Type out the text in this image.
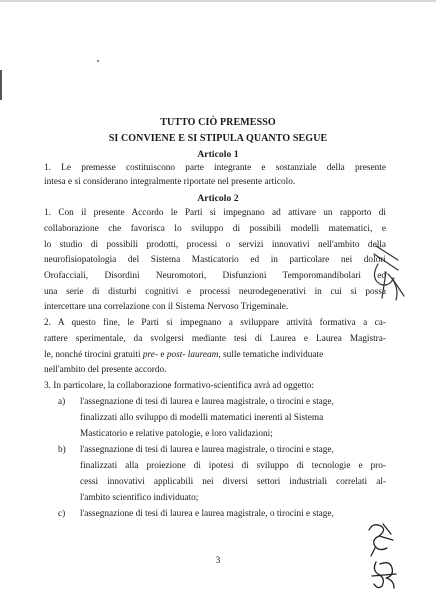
TUTTO CIÒ PREMESSO

SI CONVIENE E SI STIPULA QUANTO SEGUE

Articolo 1

1. Le premesse costituiscono parte integrante e sostanziale della presente

intesa e si considerano integralmente riportate nel presente articolo.

Articolo 2

1. Con il presente Accordo le Parti si impegnano ad attivare un rapporto di

collaborazione che favorisca lo sviluppo di possibili modelli matematici, e

lo studio di possibili prodotti, processi o servizi innovativi nell'ambito della

neurofisiopatologia del Sistema Masticatorio ed in particolare nei dolori

Orofacciali, Disordini Neuromotori, Disfunzioni Temporomandibolari ed

una serie di disturbi cognitivi e processi neurodegenerativi in cui si possa

intercettare una correlazione con il Sistema Nervoso Trigeminale.

2. A questo fine, le Parti si impegnano a sviluppare attività formativa a ca-

rattere sperimentale, da svolgersi mediante tesi di Laurea e Laurea Magistra-

le, nonché tirocini gratuiti pre- e post- lauream, sulle tematiche individuate

nell'ambito del presente accordo.

3. In particolare, la collaborazione formativo-scientifica avrà ad oggetto:

a) l'assegnazione di tesi di laurea e laurea magistrale, o tirocini e stage,

finalizzati allo sviluppo di modelli matematici inerenti al Sistema

Masticatorio e relative patologie, e loro validazioni;

b) l'assegnazione di tesi di laurea e laurea magistrale, o tirocini e stage,

finalizzati alla proiezione di ipotesi di sviluppo di tecnologie e pro-

cessi innovativi applicabili nei diversi settori industriali correlati al-

l'ambito scientifico individuato;

c) l'assegnazione di tesi di laurea e laurea magistrale, o tirocini e stage,

3
